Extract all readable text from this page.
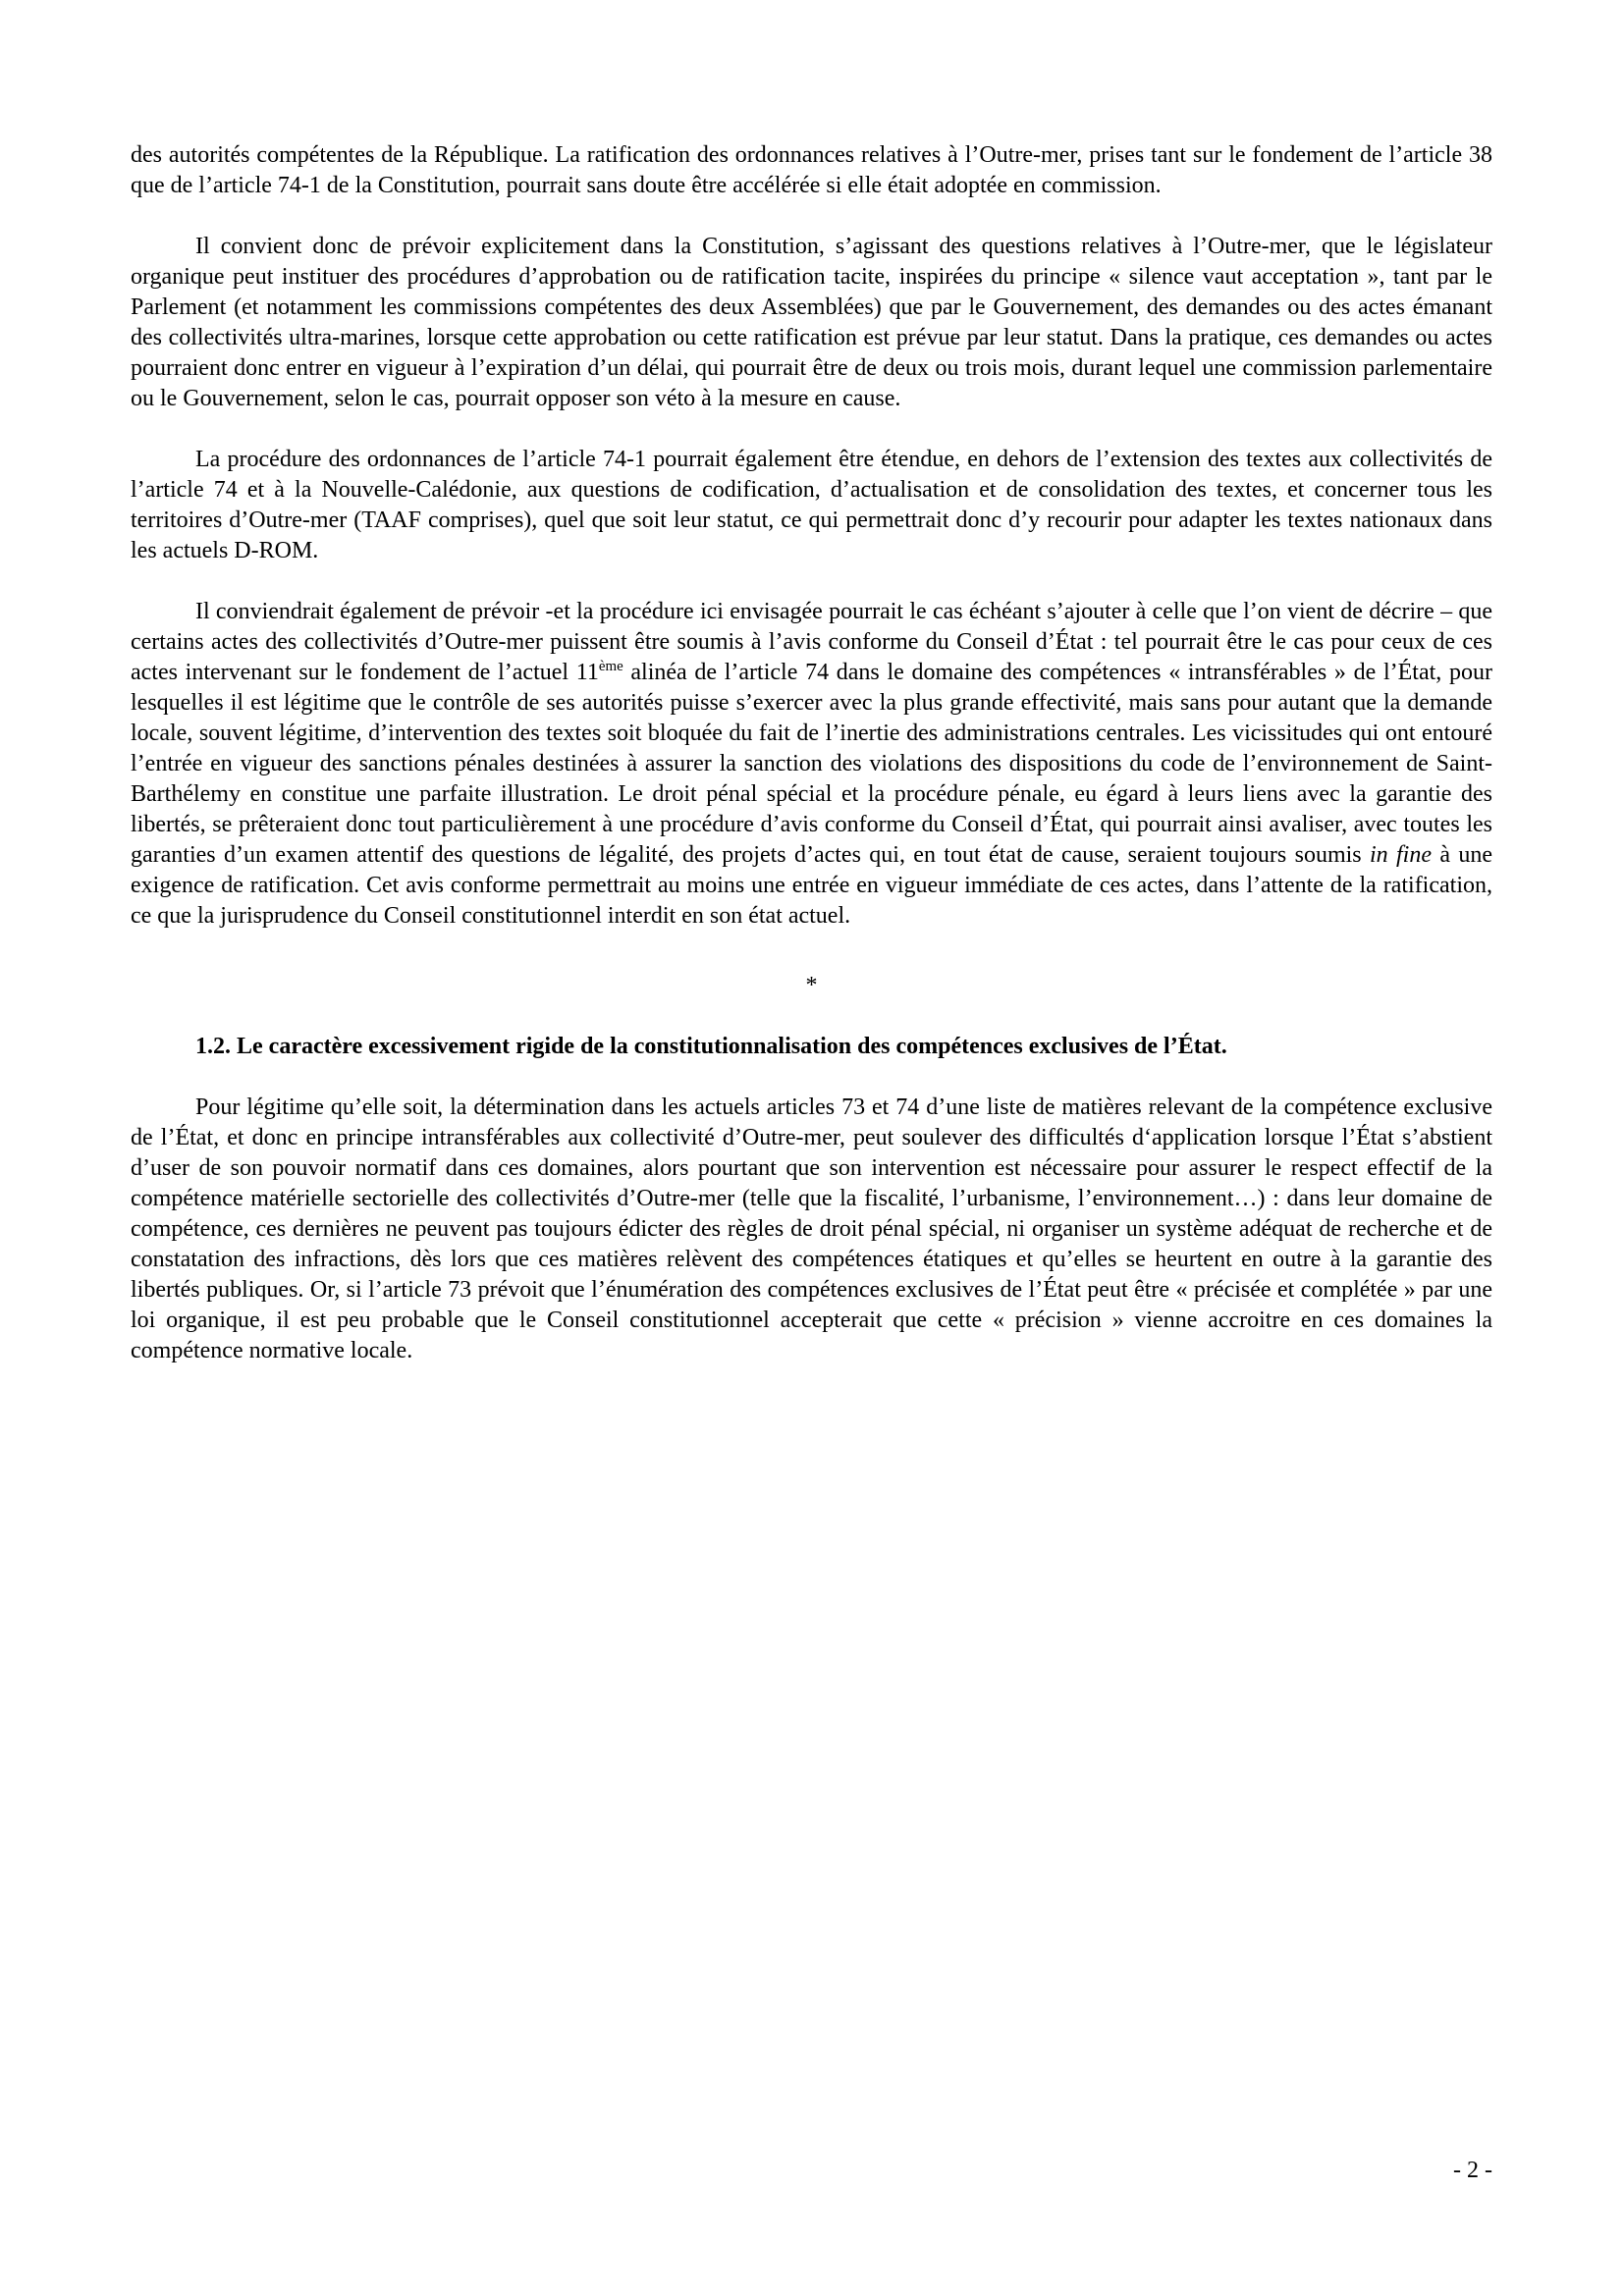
des autorités compétentes de la République. La ratification des ordonnances relatives à l’Outre-mer, prises tant sur le fondement de l’article 38 que de l’article 74-1 de la Constitution, pourrait sans doute être accélérée si elle était adoptée en commission.

Il convient donc de prévoir explicitement dans la Constitution, s’agissant des questions relatives à l’Outre-mer, que le législateur organique peut instituer des procédures d’approbation ou de ratification tacite, inspirées du principe « silence vaut acceptation », tant par le Parlement (et notamment les commissions compétentes des deux Assemblées) que par le Gouvernement, des demandes ou des actes émanant des collectivités ultra-marines, lorsque cette approbation ou cette ratification est prévue par leur statut. Dans la pratique, ces demandes ou actes pourraient donc entrer en vigueur à l’expiration d’un délai, qui pourrait être de deux ou trois mois, durant lequel une commission parlementaire ou le Gouvernement, selon le cas, pourrait opposer son véto à la mesure en cause.

La procédure des ordonnances de l’article 74-1 pourrait également être étendue, en dehors de l’extension des textes aux collectivités de l’article 74 et à la Nouvelle-Calédonie, aux questions de codification, d’actualisation et de consolidation des textes, et concerner tous les territoires d’Outre-mer (TAAF comprises), quel que soit leur statut, ce qui permettrait donc d’y recourir pour adapter les textes nationaux dans les actuels D-ROM.

Il conviendrait également de prévoir -et la procédure ici envisagée pourrait le cas échéant s’ajouter à celle que l’on vient de décrire – que certains actes des collectivités d’Outre-mer puissent être soumis à l’avis conforme du Conseil d’État : tel pourrait être le cas pour ceux de ces actes intervenant sur le fondement de l’actuel 11ème alinéa de l’article 74 dans le domaine des compétences « intransférables » de l’État, pour lesquelles il est légitime que le contrôle de ses autorités puisse s’exercer avec la plus grande effectivité, mais sans pour autant que la demande locale, souvent légitime, d’intervention des textes soit bloquée du fait de l’inertie des administrations centrales. Les vicissitudes qui ont entouré l’entrée en vigueur des sanctions pénales destinées à assurer la sanction des violations des dispositions du code de l’environnement de Saint-Barthélemy en constitue une parfaite illustration. Le droit pénal spécial et la procédure pénale, eu égard à leurs liens avec la garantie des libertés, se prêteraient donc tout particulièrement à une procédure d’avis conforme du Conseil d’État, qui pourrait ainsi avaliser, avec toutes les garanties d’un examen attentif des questions de légalité, des projets d’actes qui, en tout état de cause, seraient toujours soumis in fine à une exigence de ratification. Cet avis conforme permettrait au moins une entrée en vigueur immédiate de ces actes, dans l’attente de la ratification, ce que la jurisprudence du Conseil constitutionnel interdit en son état actuel.

*
1.2. Le caractère excessivement rigide de la constitutionnalisation des compétences exclusives de l’État.

Pour légitime qu’elle soit, la détermination dans les actuels articles 73 et 74 d’une liste de matières relevant de la compétence exclusive de l’État, et donc en principe intransférables aux collectivité d’Outre-mer, peut soulever des difficultés d‘application lorsque l’État s’abstient d’user de son pouvoir normatif dans ces domaines, alors pourtant que son intervention est nécessaire pour assurer le respect effectif de la compétence matérielle sectorielle des collectivités d’Outre-mer (telle que la fiscalité, l’urbanisme, l’environnement…) : dans leur domaine de compétence, ces dernières ne peuvent pas toujours édicter des règles de droit pénal spécial, ni organiser un système adéquat de recherche et de constatation des infractions, dès lors que ces matières relèvent des compétences étatiques et qu’elles se heurtent en outre à la garantie des libertés publiques. Or, si l’article 73 prévoit que l’énumération des compétences exclusives de l’État peut être « précisée et complétée » par une loi organique, il est peu probable que le Conseil constitutionnel accepterait que cette « précision » vienne accroitre en ces domaines la compétence normative locale.

- 2 -
